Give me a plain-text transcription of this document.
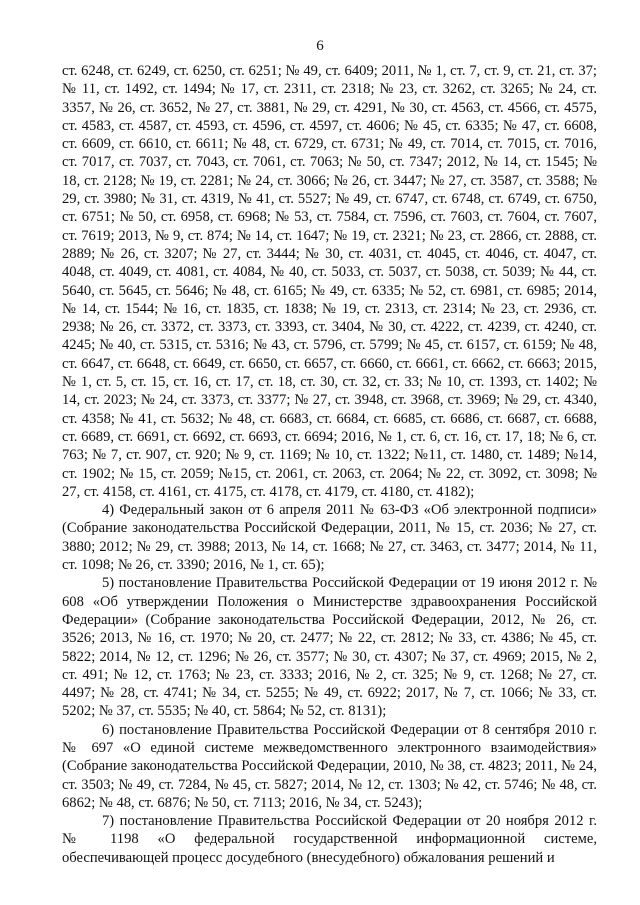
6

ст. 6248, ст. 6249, ст. 6250, ст. 6251; № 49, ст. 6409; 2011, № 1, ст. 7, ст. 9, ст. 21, ст. 37; № 11, ст. 1492, ст. 1494; № 17, ст. 2311, ст. 2318; № 23, ст. 3262, ст. 3265; № 24, ст. 3357, № 26, ст. 3652, № 27, ст. 3881, № 29, ст. 4291, № 30, ст. 4563, ст. 4566, ст. 4575, ст. 4583, ст. 4587, ст. 4593, ст. 4596, ст. 4597, ст. 4606; № 45, ст. 6335; № 47, ст. 6608, ст. 6609, ст. 6610, ст. 6611; № 48, ст. 6729, ст. 6731; № 49, ст. 7014, ст. 7015, ст. 7016, ст. 7017, ст. 7037, ст. 7043, ст. 7061, ст. 7063; № 50, ст. 7347; 2012, № 14, ст. 1545; № 18, ст. 2128; № 19, ст. 2281; № 24, ст. 3066; № 26, ст. 3447; № 27, ст. 3587, ст. 3588; № 29, ст. 3980; № 31, ст. 4319, № 41, ст. 5527; № 49, ст. 6747, ст. 6748, ст. 6749, ст. 6750, ст. 6751; № 50, ст. 6958, ст. 6968; № 53, ст. 7584, ст. 7596, ст. 7603, ст. 7604, ст. 7607, ст. 7619; 2013, № 9, ст. 874; № 14, ст. 1647; № 19, ст. 2321; № 23, ст. 2866, ст. 2888, ст. 2889; № 26, ст. 3207; № 27, ст. 3444; № 30, ст. 4031, ст. 4045, ст. 4046, ст. 4047, ст. 4048, ст. 4049, ст. 4081, ст. 4084, № 40, ст. 5033, ст. 5037, ст. 5038, ст. 5039; № 44, ст. 5640, ст. 5645, ст. 5646; № 48, ст. 6165; № 49, ст. 6335; № 52, ст. 6981, ст. 6985; 2014, № 14, ст. 1544; № 16, ст. 1835, ст. 1838; № 19, ст. 2313, ст. 2314; № 23, ст. 2936, ст. 2938; № 26, ст. 3372, ст. 3373, ст. 3393, ст. 3404, № 30, ст. 4222, ст. 4239, ст. 4240, ст. 4245; № 40, ст. 5315, ст. 5316; № 43, ст. 5796, ст. 5799; № 45, ст. 6157, ст. 6159; № 48, ст. 6647, ст. 6648, ст. 6649, ст. 6650, ст. 6657, ст. 6660, ст. 6661, ст. 6662, ст. 6663; 2015, № 1, ст. 5, ст. 15, ст. 16, ст. 17, ст. 18, ст. 30, ст. 32, ст. 33; № 10, ст. 1393, ст. 1402; № 14, ст. 2023; № 24, ст. 3373, ст. 3377; № 27, ст. 3948, ст. 3968, ст. 3969; № 29, ст. 4340, ст. 4358; № 41, ст. 5632; № 48, ст. 6683, ст. 6684, ст. 6685, ст. 6686, ст. 6687, ст. 6688, ст. 6689, ст. 6691, ст. 6692, ст. 6693, ст. 6694; 2016, № 1, ст. 6, ст. 16, ст. 17, 18; № 6, ст. 763; № 7, ст. 907, ст. 920; № 9, ст. 1169; № 10, ст. 1322; №11, ст. 1480, ст. 1489; №14, ст. 1902; № 15, ст. 2059; №15, ст. 2061, ст. 2063, ст. 2064; № 22, ст. 3092, ст. 3098; № 27, ст. 4158, ст. 4161, ст. 4175, ст. 4178, ст. 4179, ст. 4180, ст. 4182);

4) Федеральный закон от 6 апреля 2011 № 63-ФЗ «Об электронной подписи» (Собрание законодательства Российской Федерации, 2011, № 15, ст. 2036; № 27, ст. 3880; 2012; № 29, ст. 3988; 2013, № 14, ст. 1668; № 27, ст. 3463, ст. 3477; 2014, № 11, ст. 1098; № 26, ст. 3390; 2016, № 1, ст. 65);

5) постановление Правительства Российской Федерации от 19 июня 2012 г. № 608 «Об утверждении Положения о Министерстве здравоохранения Российской Федерации» (Собрание законодательства Российской Федерации, 2012, № 26, ст. 3526; 2013, № 16, ст. 1970; № 20, ст. 2477; № 22, ст. 2812; № 33, ст. 4386; № 45, ст. 5822; 2014, № 12, ст. 1296; № 26, ст. 3577; № 30, ст. 4307; № 37, ст. 4969; 2015, № 2, ст. 491; № 12, ст. 1763; № 23, ст. 3333; 2016, № 2, ст. 325; № 9, ст. 1268; № 27, ст. 4497; № 28, ст. 4741; № 34, ст. 5255; № 49, ст. 6922; 2017, № 7, ст. 1066; № 33, ст. 5202; № 37, ст. 5535; № 40, ст. 5864; № 52, ст. 8131);

6) постановление Правительства Российской Федерации от 8 сентября 2010 г. № 697 «О единой системе межведомственного электронного взаимодействия» (Собрание законодательства Российской Федерации, 2010, № 38, ст. 4823; 2011, № 24, ст. 3503; № 49, ст. 7284, № 45, ст. 5827; 2014, № 12, ст. 1303; № 42, ст. 5746; № 48, ст. 6862; № 48, ст. 6876; № 50, ст. 7113; 2016, № 34, ст. 5243);

7) постановление Правительства Российской Федерации от 20 ноября 2012 г. № 1198 «О федеральной государственной информационной системе, обеспечивающей процесс досудебного (внесудебного) обжалования решений и
